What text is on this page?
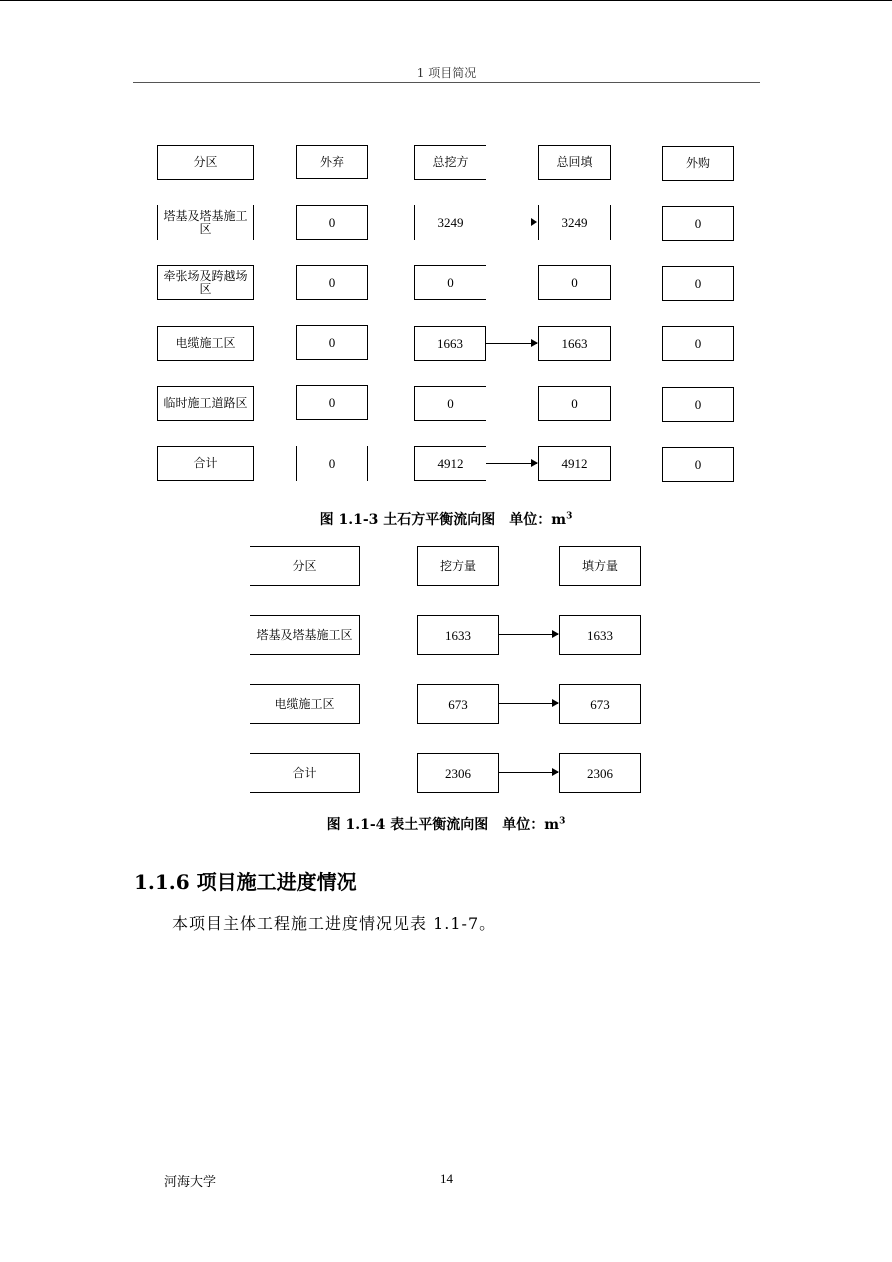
1 项目简况
分区	外弃	总挖方	总回填	外购
塔基及塔基施工区	0	3249	3249	0
牵张场及跨越场区	0	0	0	0
电缆施工区	0	1663	1663	0
临时施工道路区	0	0	0	0
合计	0	4912	4912	0
图 1.1-3 土石方平衡流向图　单位：$m^3$
分区	挖方量	填方量
塔基及塔基施工区	1633	1633
电缆施工区	673	673
合计	2306	2306
图 1.1-4 表土平衡流向图　单位：$m^3$
1.1.6 项目施工进度情况
本项目主体工程施工进度情况见表 1.1-7。
河海大学	14
